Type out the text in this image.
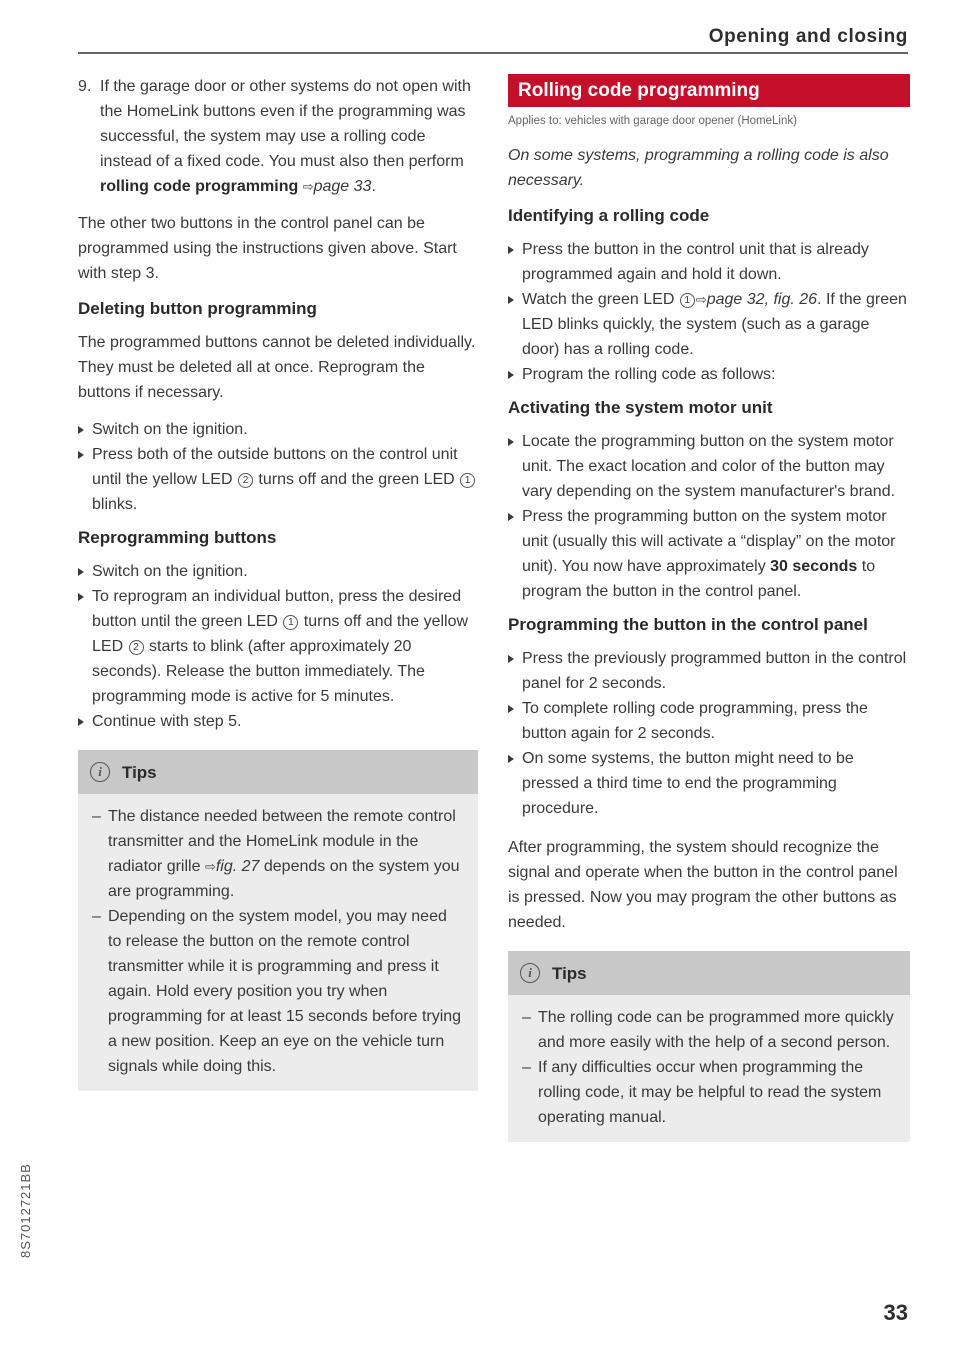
Opening and closing
9. If the garage door or other systems do not open with the HomeLink buttons even if the programming was successful, the system may use a rolling code instead of a fixed code. You must also then perform rolling code programming ⇨page 33.

The other two buttons in the control panel can be programmed using the instructions given above. Start with step 3.

Deleting button programming

The programmed buttons cannot be deleted individually. They must be deleted all at once. Reprogram the buttons if necessary.

Switch on the ignition.
Press both of the outside buttons on the control unit until the yellow LED 2 turns off and the green LED 1 blinks.
Reprogramming buttons
Switch on the ignition.
To reprogram an individual button, press the desired button until the green LED 1 turns off and the yellow LED 2 starts to blink (after approximately 20 seconds). Release the button immediately. The programming mode is active for 5 minutes.
Continue with step 5.
i	Tips
– The distance needed between the remote control transmitter and the HomeLink module in the radiator grille ⇨fig. 27 depends on the system you are programming.
– Depending on the system model, you may need to release the button on the remote control transmitter while it is programming and press it again. Hold every position you try when programming for at least 15 seconds before trying a new position. Keep an eye on the vehicle turn signals while doing this.
Rolling code programming
Applies to: vehicles with garage door opener (HomeLink)

On some systems, programming a rolling code is also necessary.

Identifying a rolling code
Press the button in the control unit that is already programmed again and hold it down.
Watch the green LED 1 ⇨page 32, fig. 26. If the green LED blinks quickly, the system (such as a garage door) has a rolling code.
Program the rolling code as follows:
Activating the system motor unit
Locate the programming button on the system motor unit. The exact location and color of the button may vary depending on the system manufacturer's brand.
Press the programming button on the system motor unit (usually this will activate a “display” on the motor unit). You now have approximately 30 seconds to program the button in the control panel.
Programming the button in the control panel
Press the previously programmed button in the control panel for 2 seconds.
To complete rolling code programming, press the button again for 2 seconds.
On some systems, the button might need to be pressed a third time to end the programming procedure.

After programming, the system should recognize the signal and operate when the button in the control panel is pressed. Now you may program the other buttons as needed.

i	Tips
– The rolling code can be programmed more quickly and more easily with the help of a second person.
– If any difficulties occur when programming the rolling code, it may be helpful to read the system operating manual.
8S7012721BB
33
